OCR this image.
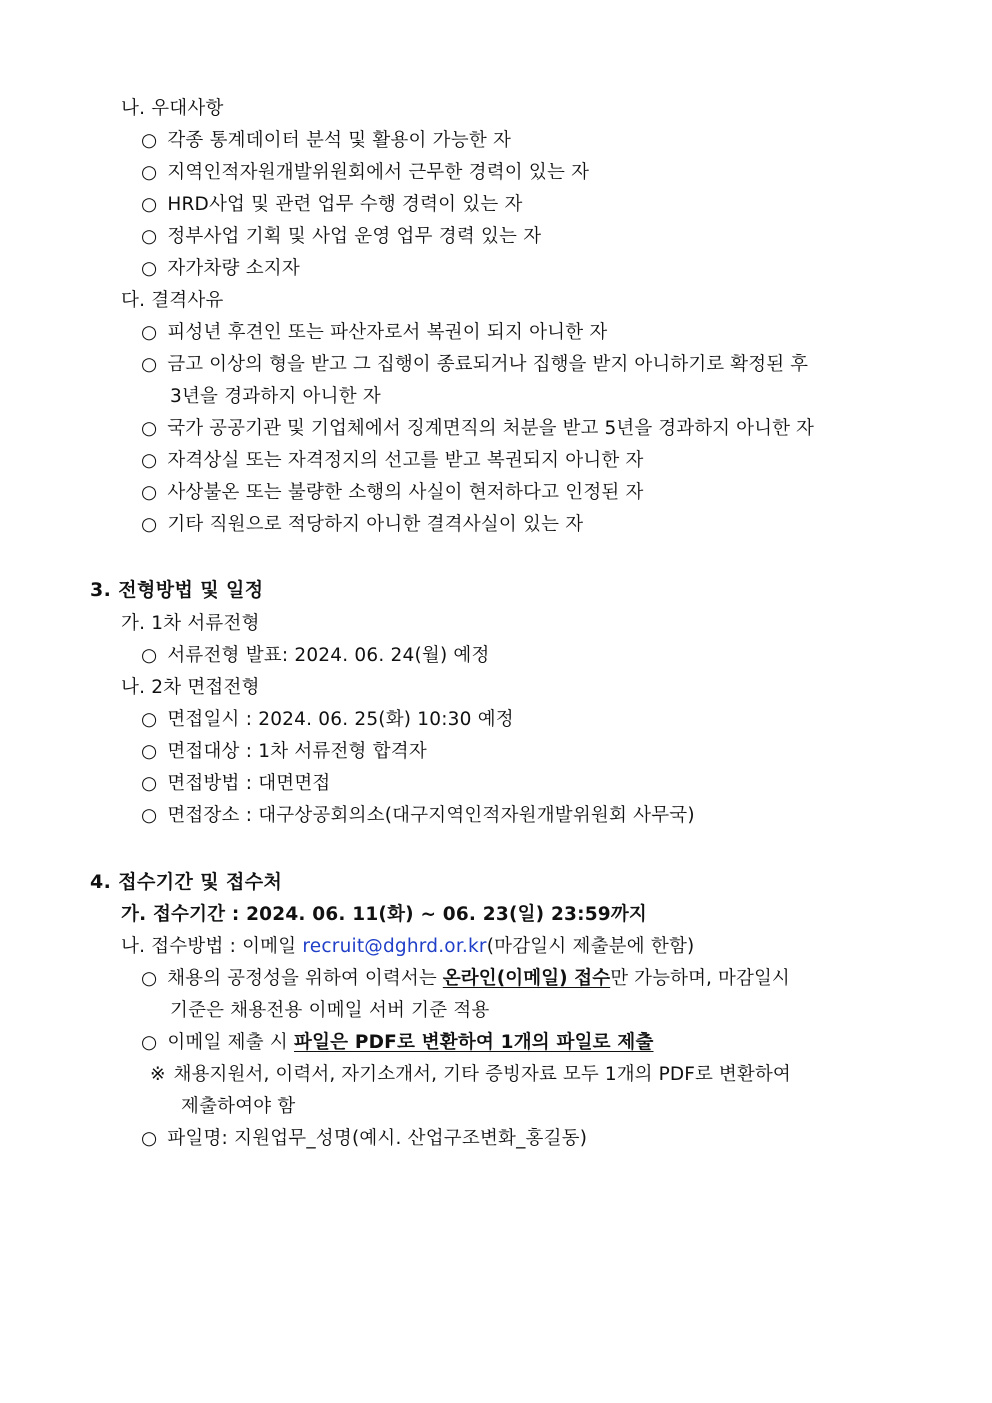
나. 우대사항
○ 각종 통계데이터 분석 및 활용이 가능한 자
○ 지역인적자원개발위원회에서 근무한 경력이 있는 자
○ HRD사업 및 관련 업무 수행 경력이 있는 자
○ 정부사업 기획 및 사업 운영 업무 경력 있는 자
○ 자가차량 소지자
다. 결격사유
○ 피성년 후견인 또는 파산자로서 복권이 되지 아니한 자
○ 금고 이상의 형을 받고 그 집행이 종료되거나 집행을 받지 아니하기로 확정된 후
3년을 경과하지 아니한 자
○ 국가 공공기관 및 기업체에서 징계면직의 처분을 받고 5년을 경과하지 아니한 자
○ 자격상실 또는 자격정지의 선고를 받고 복권되지 아니한 자
○ 사상불온 또는 불량한 소행의 사실이 현저하다고 인정된 자
○ 기타 직원으로 적당하지 아니한 결격사실이 있는 자
3. 전형방법 및 일정
가. 1차 서류전형
○ 서류전형 발표: 2024. 06. 24(월) 예정
나. 2차 면접전형
○ 면접일시 : 2024. 06. 25(화) 10:30 예정
○ 면접대상 : 1차 서류전형 합격자
○ 면접방법 : 대면면접
○ 면접장소 : 대구상공회의소(대구지역인적자원개발위원회 사무국)
4. 접수기간 및 접수처
가. 접수기간 : 2024. 06. 11(화) ~ 06. 23(일) 23:59까지
나. 접수방법 : 이메일 recruit@dghrd.or.kr(마감일시 제출분에 한함)
○ 채용의 공정성을 위하여 이력서는 온라인(이메일) 접수만 가능하며, 마감일시
기준은 채용전용 이메일 서버 기준 적용
○ 이메일 제출 시 파일은 PDF로 변환하여 1개의 파일로 제출
※ 채용지원서, 이력서, 자기소개서, 기타 증빙자료 모두 1개의 PDF로 변환하여
제출하여야 함
○ 파일명: 지원업무_성명(예시. 산업구조변화_홍길동)
